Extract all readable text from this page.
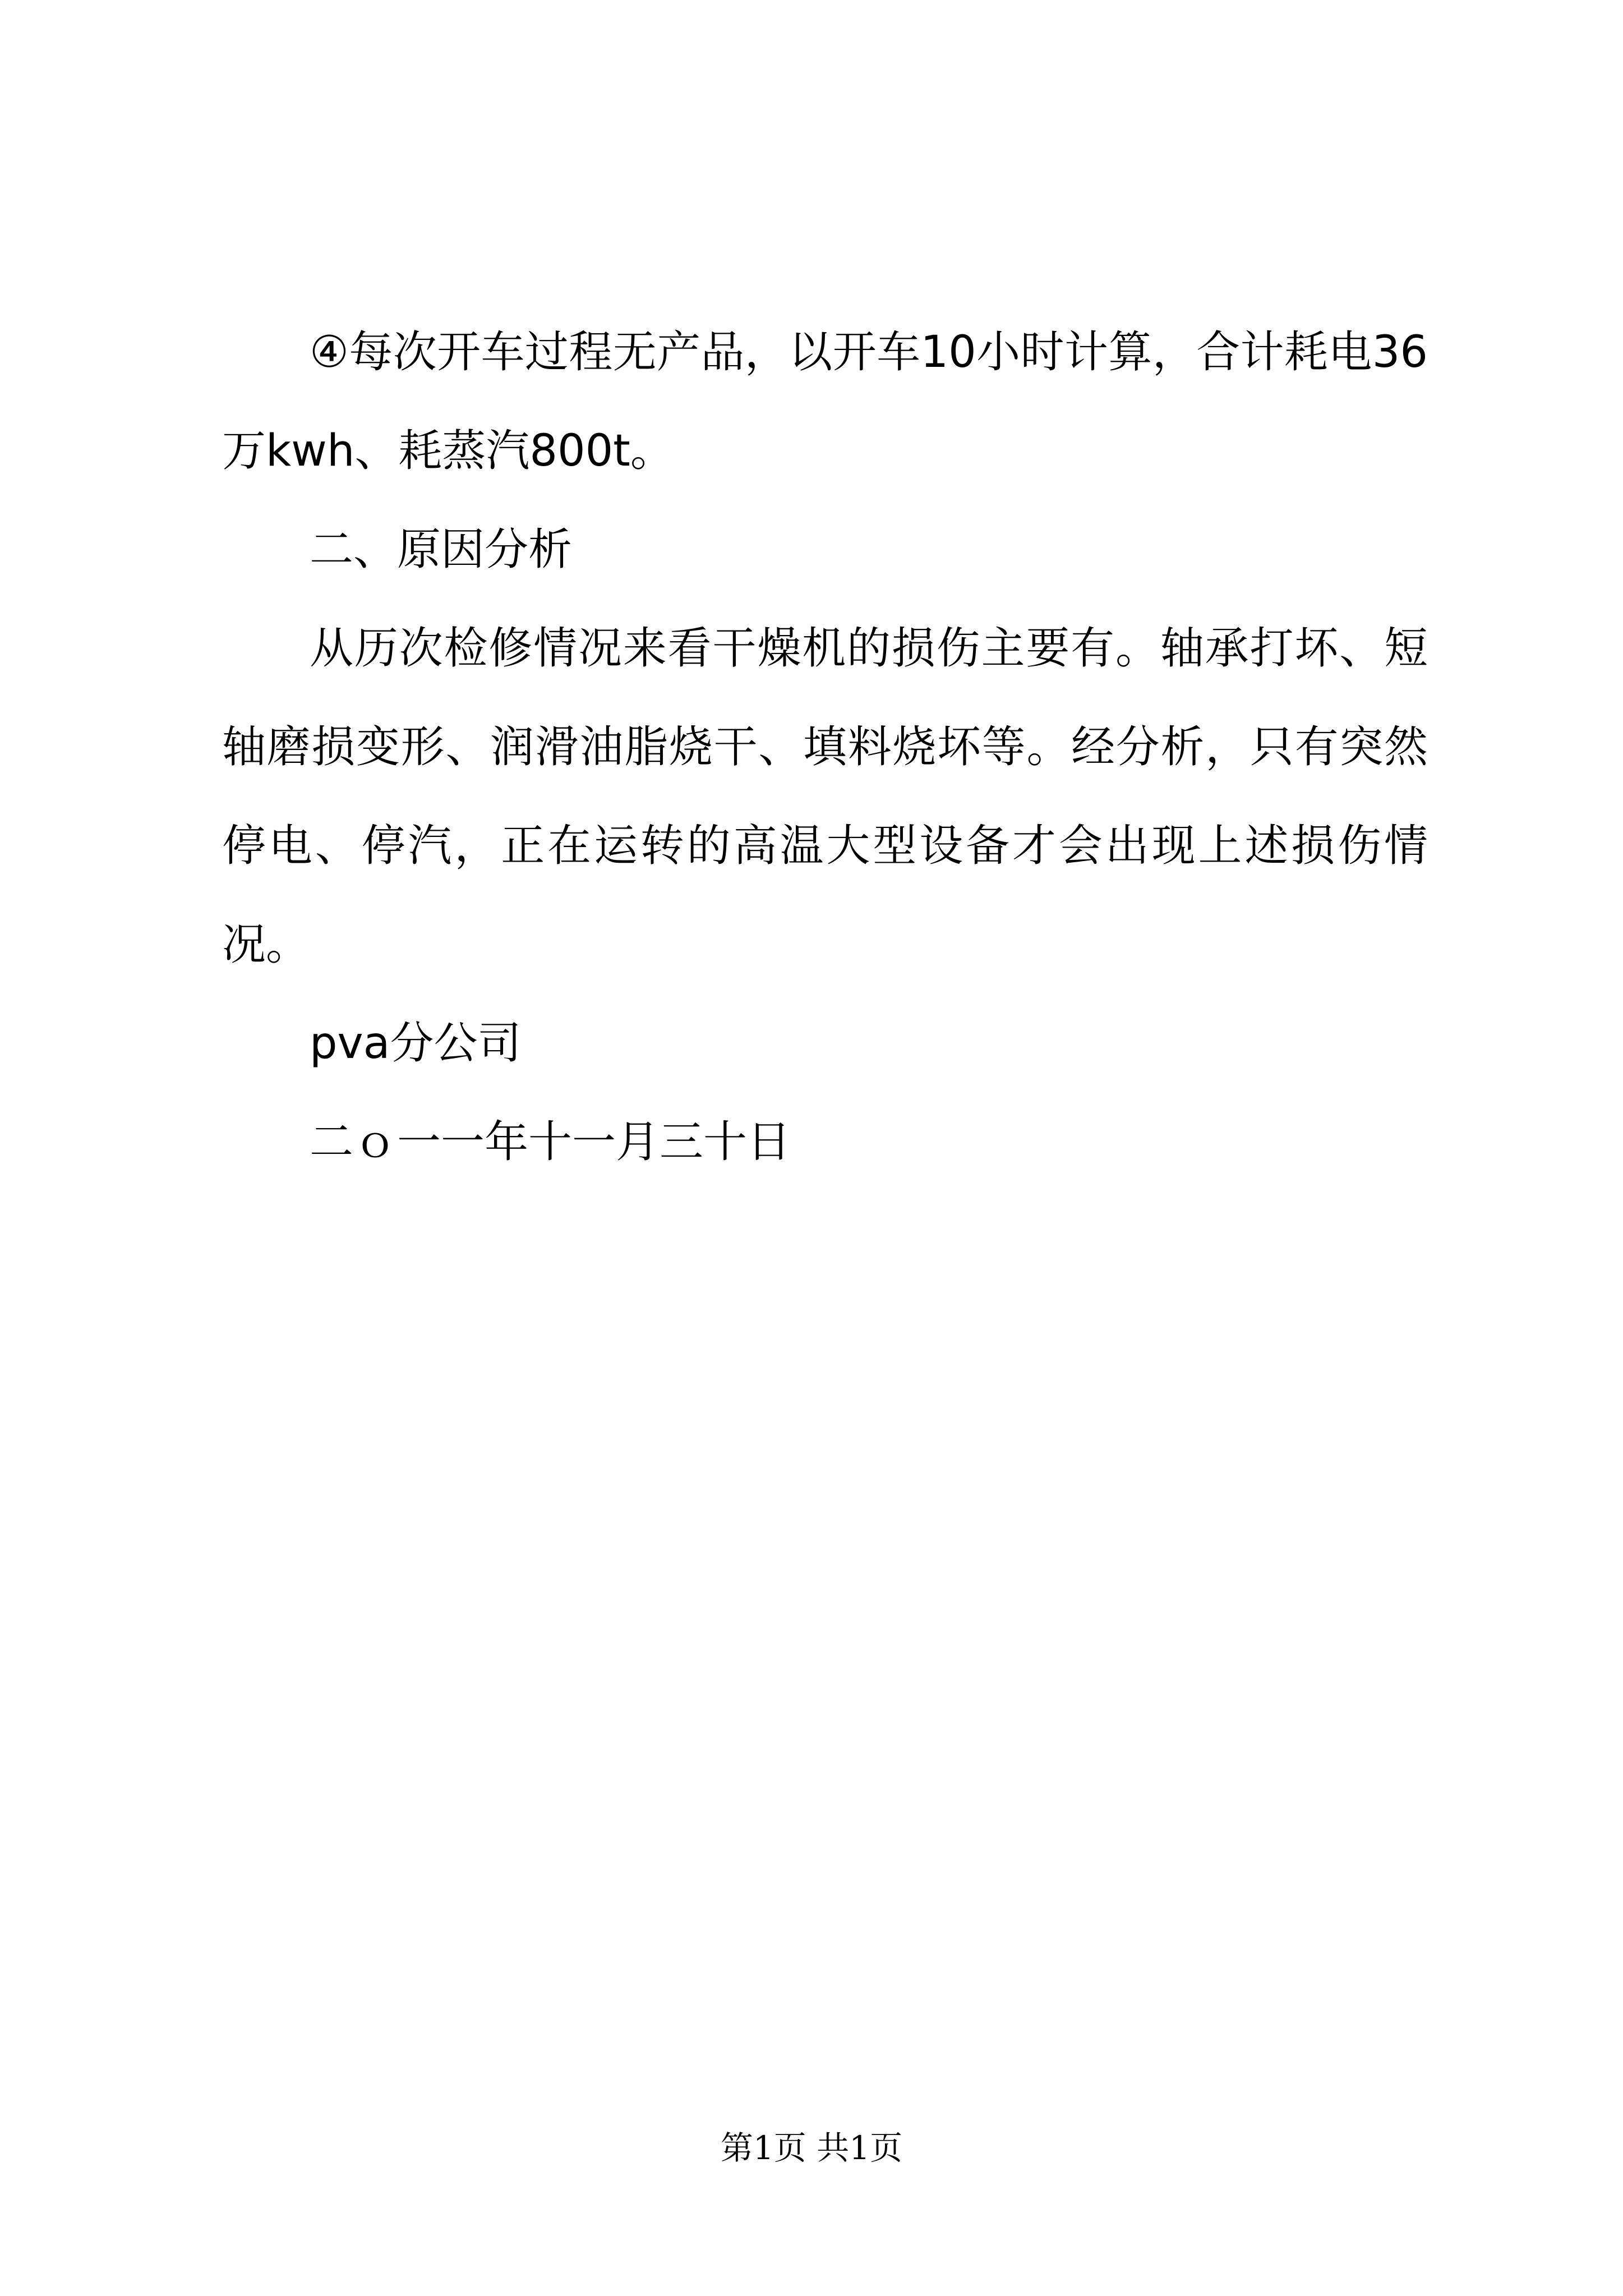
④每次开车过程无产品，以开车10小时计算，合计耗电36万kwh、耗蒸汽800t。

二、原因分析

从历次检修情况来看干燥机的损伤主要有。轴承打坏、短轴磨损变形、润滑油脂烧干、填料烧坏等。经分析，只有突然停电、停汽，正在运转的高温大型设备才会出现上述损伤情况。

pva分公司

二ｏ一一年十一月三十日

第1页 共1页
